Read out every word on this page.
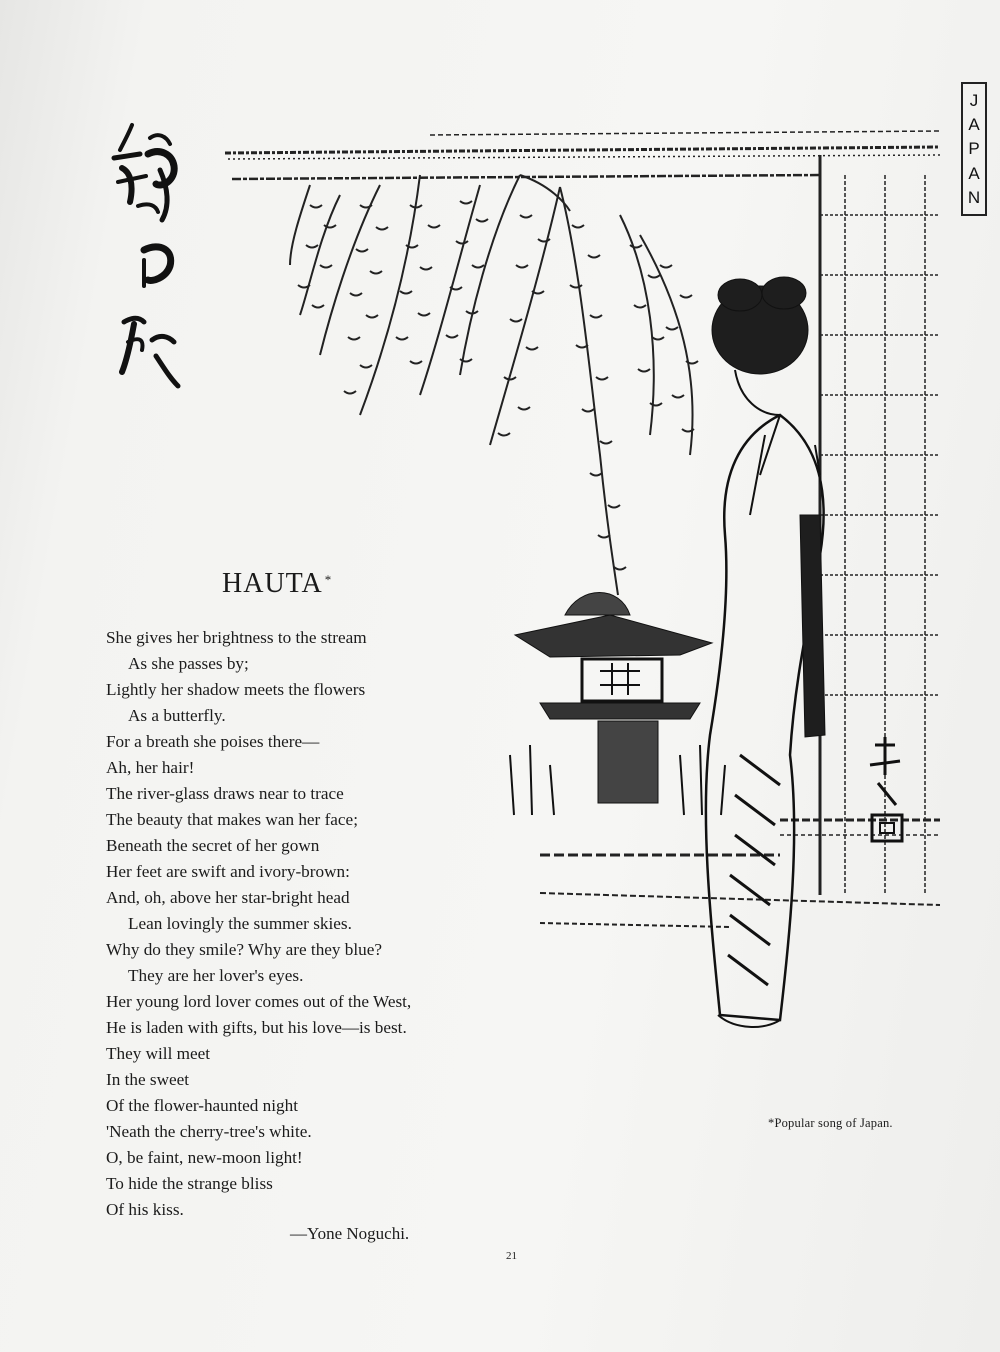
J
A
P
A
N
HAUTA *
She gives her brightness to the stream
As she passes by;
Lightly her shadow meets the flowers
As a butterfly.
For a breath she poises there—
Ah, her hair!
The river-glass draws near to trace
The beauty that makes wan her face;
Beneath the secret of her gown
Her feet are swift and ivory-brown:
And, oh, above her star-bright head
Lean lovingly the summer skies.
Why do they smile? Why are they blue?
They are her lover's eyes.
Her young lord lover comes out of the West,
He is laden with gifts, but his love—is best.
They will meet
In the sweet
Of the flower-haunted night
'Neath the cherry-tree's white.
O, be faint, new-moon light!
To hide the strange bliss
Of his kiss.
—Yone Noguchi.
*Popular song of Japan.
21
